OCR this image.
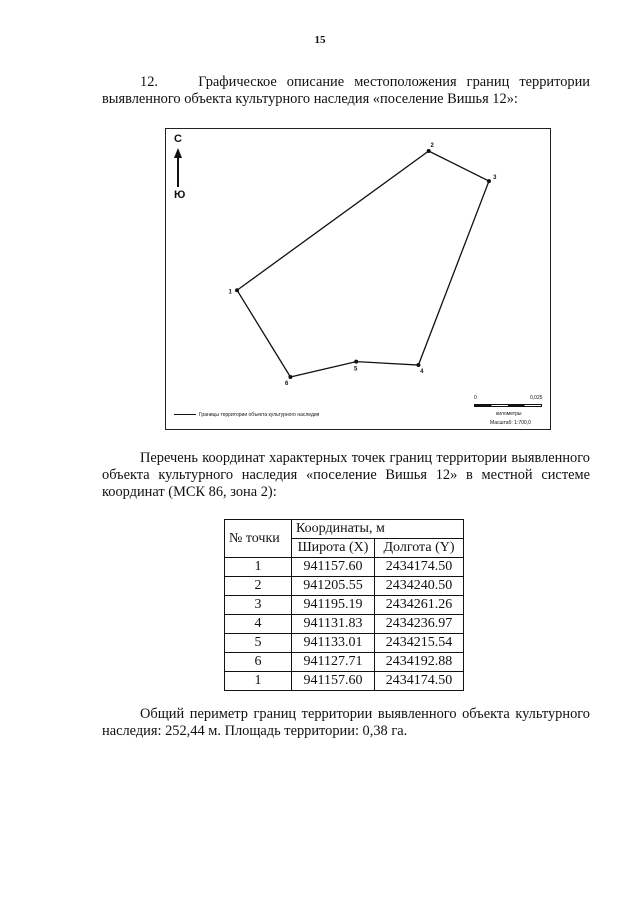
15

12.	Графическое описание местоположения границ территории выявленного объекта культурного наследия «поселение Вишья 12»:

1
2
3
4
5
6
С
Ю
Границы территории объекта культурного наследия
0	0,025
километры
Масштаб: 1:700,0

Перечень координат характерных точек границ территории выявленного объекта культурного наследия «поселение Вишья 12» в местной системе координат (МСК 86, зона 2):

№ точки	Координаты, м	
	Широта (X)	Долгота (Y)
1	941157.60	2434174.50
2	941205.55	2434240.50
3	941195.19	2434261.26
4	941131.83	2434236.97
5	941133.01	2434215.54
6	941127.71	2434192.88
1	941157.60	2434174.50

Общий периметр границ территории выявленного объекта культурного наследия: 252,44 м. Площадь территории: 0,38 га.
